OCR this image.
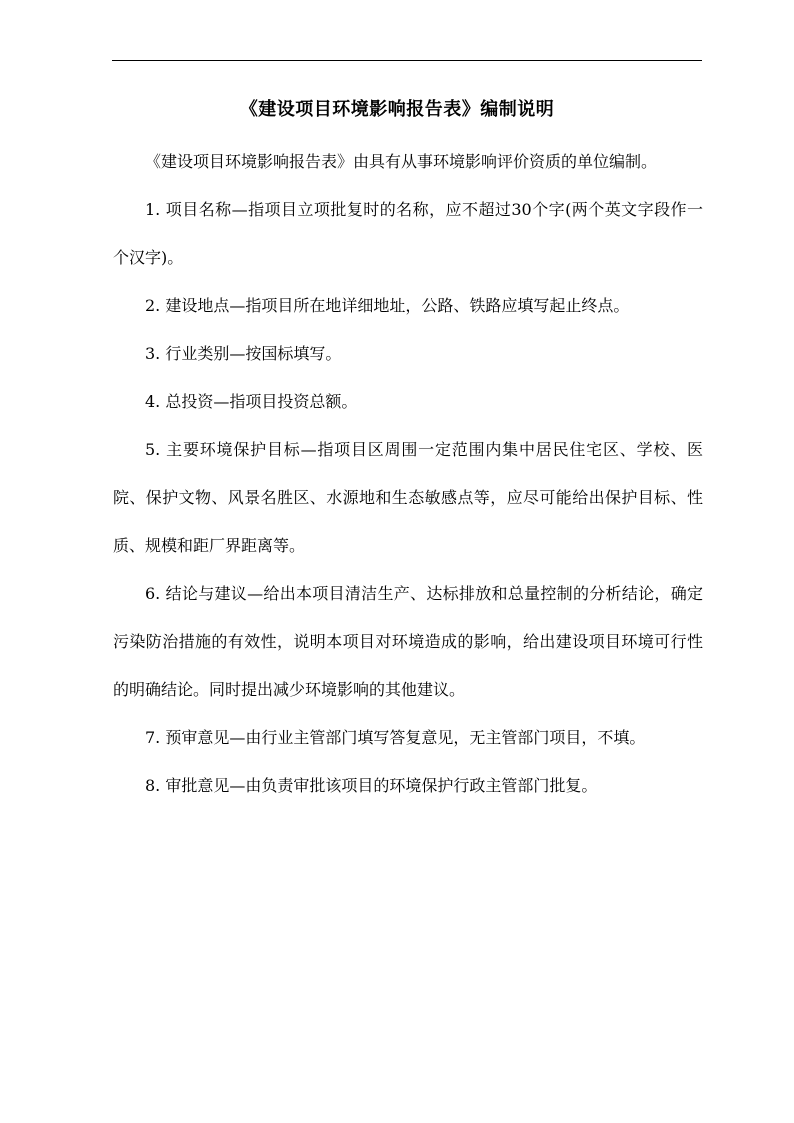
《建设项目环境影响报告表》编制说明

《建设项目环境影响报告表》由具有从事环境影响评价资质的单位编制。

1. 项目名称—指项目立项批复时的名称，应不超过30个字(两个英文字段作一个汉字)。

2. 建设地点—指项目所在地详细地址，公路、铁路应填写起止终点。

3. 行业类别—按国标填写。

4. 总投资—指项目投资总额。

5. 主要环境保护目标—指项目区周围一定范围内集中居民住宅区、学校、医院、保护文物、风景名胜区、水源地和生态敏感点等，应尽可能给出保护目标、性质、规模和距厂界距离等。

6. 结论与建议—给出本项目清洁生产、达标排放和总量控制的分析结论，确定污染防治措施的有效性，说明本项目对环境造成的影响，给出建设项目环境可行性的明确结论。同时提出减少环境影响的其他建议。

7. 预审意见—由行业主管部门填写答复意见，无主管部门项目，不填。

8. 审批意见—由负责审批该项目的环境保护行政主管部门批复。
